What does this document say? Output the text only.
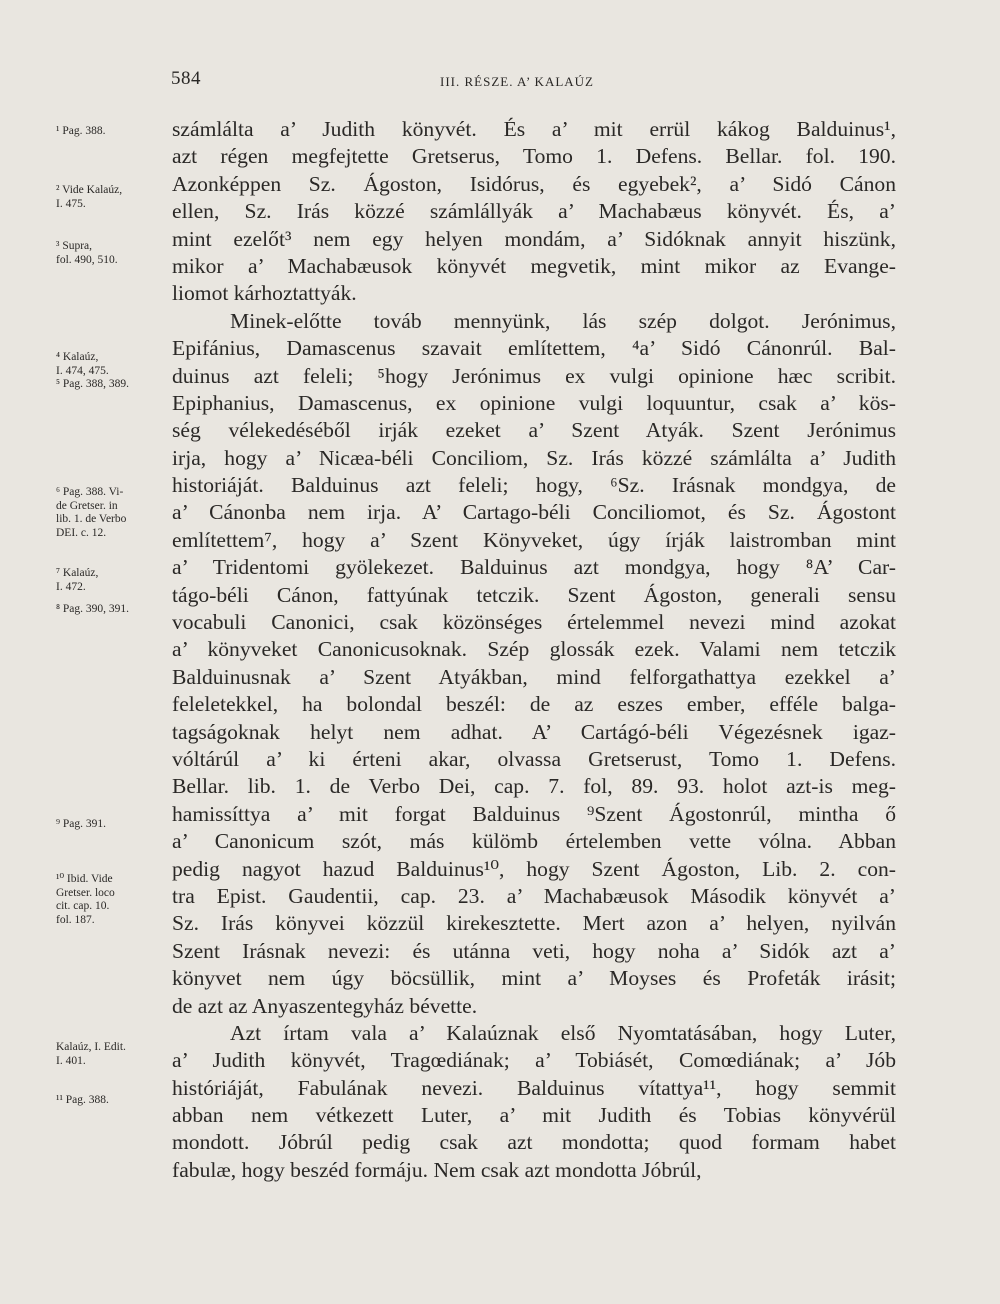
584	III. RÉSZE. A’ KALAÚZ
¹ Pag. 388.
² Vide Kalaúz,
I. 475.
³ Supra,
fol. 490, 510.
⁴ Kalaúz,
I. 474, 475.
⁵ Pag. 388, 389.
⁶ Pag. 388. Vi-
de Gretser. in
lib. 1. de Verbo
DEI. c. 12.
⁷ Kalaúz,
I. 472.
⁸ Pag. 390, 391.
⁹ Pag. 391.
¹⁰ Ibid. Vide
Gretser. loco
cit. cap. 10.
fol. 187.
Kalaúz, I. Edit.
I. 401.
¹¹ Pag. 388.
számlálta a’ Judith könyvét. És a’ mit errül kákog Balduinus¹,
azt régen megfejtette Gretserus, Tomo 1. Defens. Bellar. fol. 190.
Azonképpen Sz. Ágoston, Isidórus, és egyebek², a’ Sidó Cánon
ellen, Sz. Irás közzé számlállyák a’ Machabæus könyvét. És, a’
mint ezelőt³ nem egy helyen mondám, a’ Sidóknak annyit hiszünk,
mikor a’ Machabæusok könyvét megvetik, mint mikor az Evange-
liomot kárhoztattyák.
Minek-előtte továb mennyünk, lás szép dolgot. Jerónimus,
Epifánius, Damascenus szavait említettem, ⁴a’ Sidó Cánonrúl. Bal-
duinus azt feleli; ⁵hogy Jerónimus ex vulgi opinione hæc scribit.
Epiphanius, Damascenus, ex opinione vulgi loquuntur, csak a’ kös-
ség vélekedéséből irják ezeket a’ Szent Atyák. Szent Jerónimus
irja, hogy a’ Nicæa-béli Conciliom, Sz. Irás közzé számlálta a’ Judith
historiáját. Balduinus azt feleli; hogy, ⁶Sz. Irásnak mondgya, de
a’ Cánonba nem irja. A’ Cartago-béli Conciliomot, és Sz. Ágostont
említettem⁷, hogy a’ Szent Könyveket, úgy írják laistromban mint
a’ Tridentomi gyölekezet. Balduinus azt mondgya, hogy ⁸A’ Car-
tágo-béli Cánon, fattyúnak tetczik. Szent Ágoston, generali sensu
vocabuli Canonici, csak közönséges értelemmel nevezi mind azokat
a’ könyveket Canonicusoknak. Szép glossák ezek. Valami nem tetczik
Balduinusnak a’ Szent Atyákban, mind felforgathattya ezekkel a’
feleletekkel, ha bolondal beszél: de az eszes ember, efféle balga-
tagságoknak helyt nem adhat. A’ Cartágó-béli Végezésnek igaz-
vóltárúl a’ ki érteni akar, olvassa Gretserust, Tomo 1. Defens.
Bellar. lib. 1. de Verbo Dei, cap. 7. fol, 89. 93. holot azt-is meg-
hamissíttya a’ mit forgat Balduinus ⁹Szent Ágostonrúl, mintha ő
a’ Canonicum szót, más külömb értelemben vette vólna. Abban
pedig nagyot hazud Balduinus¹⁰, hogy Szent Ágoston, Lib. 2. con-
tra Epist. Gaudentii, cap. 23. a’ Machabæusok Második könyvét a’
Sz. Irás könyvei közzül kirekesztette. Mert azon a’ helyen, nyilván
Szent Irásnak nevezi: és utánna veti, hogy noha a’ Sidók azt a’
könyvet nem úgy böcsüllik, mint a’ Moyses és Profeták irásit;
de azt az Anyaszentegyház bévette.
Azt írtam vala a’ Kalaúznak első Nyomtatásában, hogy Luter,
a’ Judith könyvét, Tragœdiának; a’ Tobiásét, Comœdiának; a’ Jób
históriáját, Fabulának nevezi. Balduinus vítattya¹¹, hogy semmit
abban nem vétkezett Luter, a’ mit Judith és Tobias könyvérül
mondott. Jóbrúl pedig csak azt mondotta; quod formam habet
fabulæ, hogy beszéd formáju. Nem csak azt mondotta Jóbrúl,
